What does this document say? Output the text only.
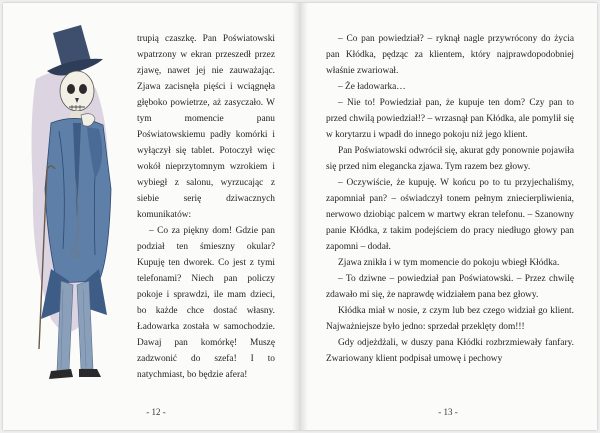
trupią czaszkę. Pan Poświatowski wpatrzony w ekran przeszedł przez zjawę, nawet jej nie zauważając. Zjawa zacisnęła pięści i wciągnęła głęboko powietrze, aż zasyczało. W tym momencie panu Poświatowskiemu padły komórki i wyłączył się tablet. Potoczył więc wokół nieprzytomnym wzrokiem i wybiegł z salonu, wyrzucając z siebie serię dziwacznych komunikatów:

– Co za piękny dom! Gdzie pan podział ten śmieszny okular? Kupuję ten dworek. Co jest z tymi telefonami? Niech pan policzy pokoje i sprawdzi, ile mam dzieci, bo każde chce dostać własny. Ładowarka została w samochodzie. Dawaj pan komórkę! Muszę zadzwonić do szefa! I to natychmiast, bo będzie afera!

- 12 -

– Co pan powiedział? – ryknął nagle przywrócony do życia pan Kłódka, pędząc za klientem, który najprawdopodobniej właśnie zwariował.

– Że ładowarka…

– Nie to! Powiedział pan, że kupuje ten dom? Czy pan to przed chwilą powiedział!? – wrzasnął pan Kłódka, ale pomylił się w korytarzu i wpadł do innego pokoju niż jego klient.

Pan Poświatowski odwrócił się, akurat gdy ponownie pojawiła się przed nim elegancka zjawa. Tym razem bez głowy.

– Oczywiście, że kupuję. W końcu po to tu przyjechaliśmy, zapomniał pan? – oświadczył tonem pełnym zniecierpliwienia, nerwowo dziobiąc palcem w martwy ekran telefonu. – Szanowny panie Kłódka, z takim podejściem do pracy niedługo głowy pan zapomni – dodał.

Zjawa znikła i w tym momencie do pokoju wbiegł Kłódka.

– To dziwne – powiedział pan Poświatowski. – Przez chwilę zdawało mi się, że naprawdę widziałem pana bez głowy.

Kłódka miał w nosie, z czym lub bez czego widział go klient. Najważniejsze było jedno: sprzedał przeklęty dom!!!

Gdy odjeżdżali, w duszy pana Kłódki rozbrzmiewały fanfary. Zwariowany klient podpisał umowę i pechowy

- 13 -
